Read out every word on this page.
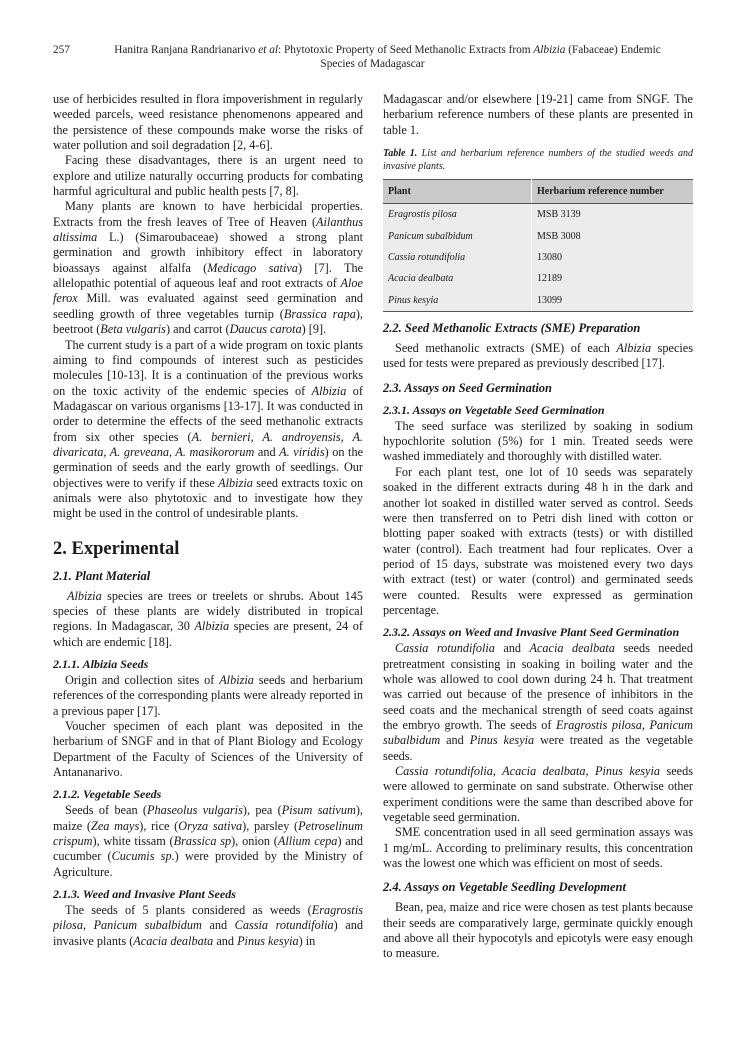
257	Hanitra Ranjana Randrianarivo et al: Phytotoxic Property of Seed Methanolic Extracts from Albizia (Fabaceae) Endemic
Species of Madagascar

use of herbicides resulted in flora impoverishment in regularly weeded parcels, weed resistance phenomenons appeared and the persistence of these compounds make worse the risks of water pollution and soil degradation [2, 4-6].

Facing these disadvantages, there is an urgent need to explore and utilize naturally occurring products for combating harmful agricultural and public health pests [7, 8].

Many plants are known to have herbicidal properties. Extracts from the fresh leaves of Tree of Heaven (Ailanthus altissima L.) (Simaroubaceae) showed a strong plant germination and growth inhibitory effect in laboratory bioassays against alfalfa (Medicago sativa) [7]. The allelopathic potential of aqueous leaf and root extracts of Aloe ferox Mill. was evaluated against seed germination and seedling growth of three vegetables turnip (Brassica rapa), beetroot (Beta vulgaris) and carrot (Daucus carota) [9].

The current study is a part of a wide program on toxic plants aiming to find compounds of interest such as pesticides molecules [10-13]. It is a continuation of the previous works on the toxic activity of the endemic species of Albizia of Madagascar on various organisms [13-17]. It was conducted in order to determine the effects of the seed methanolic extracts from six other species (A. bernieri, A. androyensis, A. divaricata, A. greveana, A. masikororum and A. viridis) on the germination of seeds and the early growth of seedlings. Our objectives were to verify if these Albizia seed extracts toxic on animals were also phytotoxic and to investigate how they might be used in the control of undesirable plants.

2. Experimental
2.1. Plant Material

Albizia species are trees or treelets or shrubs. About 145 species of these plants are widely distributed in tropical regions. In Madagascar, 30 Albizia species are present, 24 of which are endemic [18].

2.1.1. Albizia Seeds

Origin and collection sites of Albizia seeds and herbarium references of the corresponding plants were already reported in a previous paper [17].

Voucher specimen of each plant was deposited in the herbarium of SNGF and in that of Plant Biology and Ecology Department of the Faculty of Sciences of the University of Antananarivo.

2.1.2. Vegetable Seeds

Seeds of bean (Phaseolus vulgaris), pea (Pisum sativum), maize (Zea mays), rice (Oryza sativa), parsley (Petroselinum crispum), white tissam (Brassica sp), onion (Allium cepa) and cucumber (Cucumis sp.) were provided by the Ministry of Agriculture.

2.1.3. Weed and Invasive Plant Seeds

The seeds of 5 plants considered as weeds (Eragrostis pilosa, Panicum subalbidum and Cassia rotundifolia) and invasive plants (Acacia dealbata and Pinus kesyia) in

Madagascar and/or elsewhere [19-21] came from SNGF. The herbarium reference numbers of these plants are presented in table 1.

Table 1. List and herbarium reference numbers of the studied weeds and invasive plants.

Plant	Herbarium reference number
Eragrostis pilosa	MSB 3139
Panicum subalbidum	MSB 3008
Cassia rotundifolia	13080
Acacia dealbata	12189
Pinus kesyia	13099
2.2. Seed Methanolic Extracts (SME) Preparation

Seed methanolic extracts (SME) of each Albizia species used for tests were prepared as previously described [17].

2.3. Assays on Seed Germination
2.3.1. Assays on Vegetable Seed Germination

The seed surface was sterilized by soaking in sodium hypochlorite solution (5%) for 1 min. Treated seeds were washed immediately and thoroughly with distilled water.

For each plant test, one lot of 10 seeds was separately soaked in the different extracts during 48 h in the dark and another lot soaked in distilled water served as control. Seeds were then transferred on to Petri dish lined with cotton or blotting paper soaked with extracts (tests) or with distilled water (control). Each treatment had four replicates. Over a period of 15 days, substrate was moistened every two days with extract (test) or water (control) and germinated seeds were counted. Results were expressed as germination percentage.

2.3.2. Assays on Weed and Invasive Plant Seed Germination

Cassia rotundifolia and Acacia dealbata seeds needed pretreatment consisting in soaking in boiling water and the whole was allowed to cool down during 24 h. That treatment was carried out because of the presence of inhibitors in the seed coats and the mechanical strength of seed coats against the embryo growth. The seeds of Eragrostis pilosa, Panicum subalbidum and Pinus kesyia were treated as the vegetable seeds.

Cassia rotundifolia, Acacia dealbata, Pinus kesyia seeds were allowed to germinate on sand substrate. Otherwise other experiment conditions were the same than described above for vegetable seed germination.

SME concentration used in all seed germination assays was 1 mg/mL. According to preliminary results, this concentration was the lowest one which was efficient on most of seeds.

2.4. Assays on Vegetable Seedling Development

Bean, pea, maize and rice were chosen as test plants because their seeds are comparatively large, germinate quickly enough and above all their hypocotyls and epicotyls were easy enough to measure.
